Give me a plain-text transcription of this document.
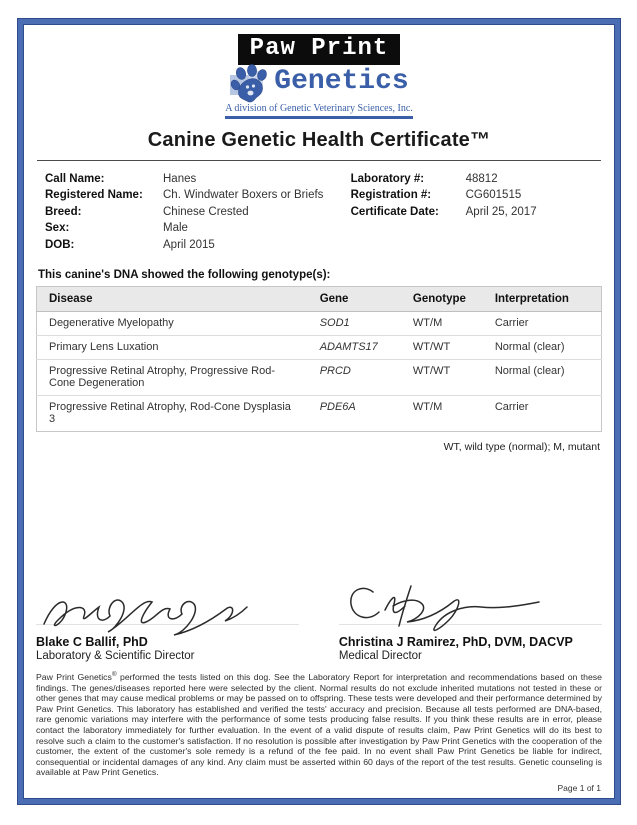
Paw Print
Genetics
A division of Genetic Veterinary Sciences, Inc.
Canine Genetic Health Certificate™
Call Name:	Hanes
Registered Name:	Ch. Windwater Boxers or Briefs
Breed:	Chinese Crested
Sex:	Male
DOB:	April 2015
Laboratory #:	48812
Registration #:	CG601515
Certificate Date:	April 25, 2017
This canine's DNA showed the following genotype(s):
Disease	Gene	Genotype	Interpretation
Degenerative Myelopathy	SOD1	WT/M	Carrier
Primary Lens Luxation	ADAMTS17	WT/WT	Normal (clear)
Progressive Retinal Atrophy, Progressive Rod-Cone Degeneration	PRCD	WT/WT	Normal (clear)
Progressive Retinal Atrophy, Rod-Cone Dysplasia 3	PDE6A	WT/M	Carrier
WT, wild type (normal); M, mutant
Blake C Ballif, PhD
Laboratory & Scientific Director
Christina J Ramirez, PhD, DVM, DACVP
Medical Director
Paw Print Genetics® performed the tests listed on this dog. See the Laboratory Report for interpretation and recommendations based on these findings. The genes/diseases reported here were selected by the client. Normal results do not exclude inherited mutations not tested in these or other genes that may cause medical problems or may be passed on to offspring. These tests were developed and their performance determined by Paw Print Genetics. This laboratory has established and verified the tests' accuracy and precision. Because all tests performed are DNA-based, rare genomic variations may interfere with the performance of some tests producing false results. If you think these results are in error, please contact the laboratory immediately for further evaluation. In the event of a valid dispute of results claim, Paw Print Genetics will do its best to resolve such a claim to the customer's satisfaction. If no resolution is possible after investigation by Paw Print Genetics with the cooperation of the customer, the extent of the customer's sole remedy is a refund of the fee paid. In no event shall Paw Print Genetics be liable for indirect, consequential or incidental damages of any kind. Any claim must be asserted within 60 days of the report of the test results. Genetic counseling is available at Paw Print Genetics.
Page 1 of 1
